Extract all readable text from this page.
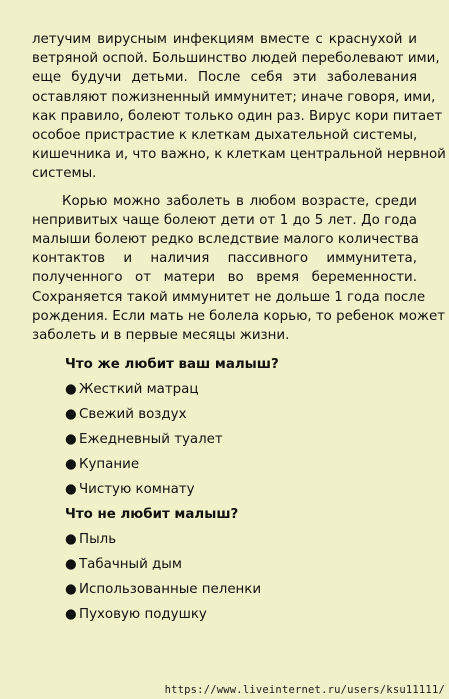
летучим вирусным инфекциям вместе с краснухой и
ветряной оспой. Большинство людей переболевают ими,
еще будучи детьми. После себя эти заболевания
оставляют пожизненный иммунитет; иначе говоря, ими,
как правило, болеют только один раз. Вирус кори питает
особое пристрастие к клеткам дыхательной системы,
кишечника и, что важно, к клеткам центральной нервной
системы.

Корью можно заболеть в любом возрасте, среди
непривитых чаще болеют дети от 1 до 5 лет. До года
малыши болеют редко вследствие малого количества
контактов и наличия пассивного иммунитета,
полученного от матери во время беременности.
Сохраняется такой иммунитет не дольше 1 года после
рождения. Если мать не болела корью, то ребенок может
заболеть и в первые месяцы жизни.

Что же любит ваш малыш?
● Жесткий матрац
● Свежий воздух
● Ежедневный туалет
● Купание
● Чистую комнату
Что не любит малыш?
● Пыль
● Табачный дым
● Использованные пеленки
● Пуховую подушку
https://www.liveinternet.ru/users/ksu11111/
